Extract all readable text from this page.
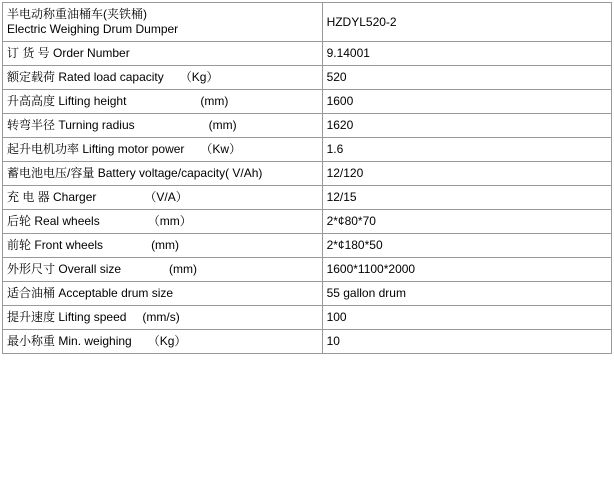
半电动称重油桶车(夹铁桶)
Electric Weighing Drum Dumper	HZDYL520-2

订 货 号 Order Number	9.14001

额定载荷 Rated load capacity （Kg）	520

升高高度 Lifting height (mm)	1600

转弯半径 Turning radius (mm)	1620

起升电机功率 Lifting motor power （Kw）	1.6

蓄电池电压/容量 Battery voltage/capacity( V/Ah)	12/120

充 电 器 Charger （V/A）	12/15

后轮 Real wheels （mm）	2*¢80*70

前轮 Front wheels (mm)	2*¢180*50

外形尺寸 Overall size (mm)	1600*1100*2000

适合油桶 Acceptable drum size	55 gallon drum

提升速度 Lifting speed (mm/s)	100

最小称重 Min. weighing （Kg）	10
